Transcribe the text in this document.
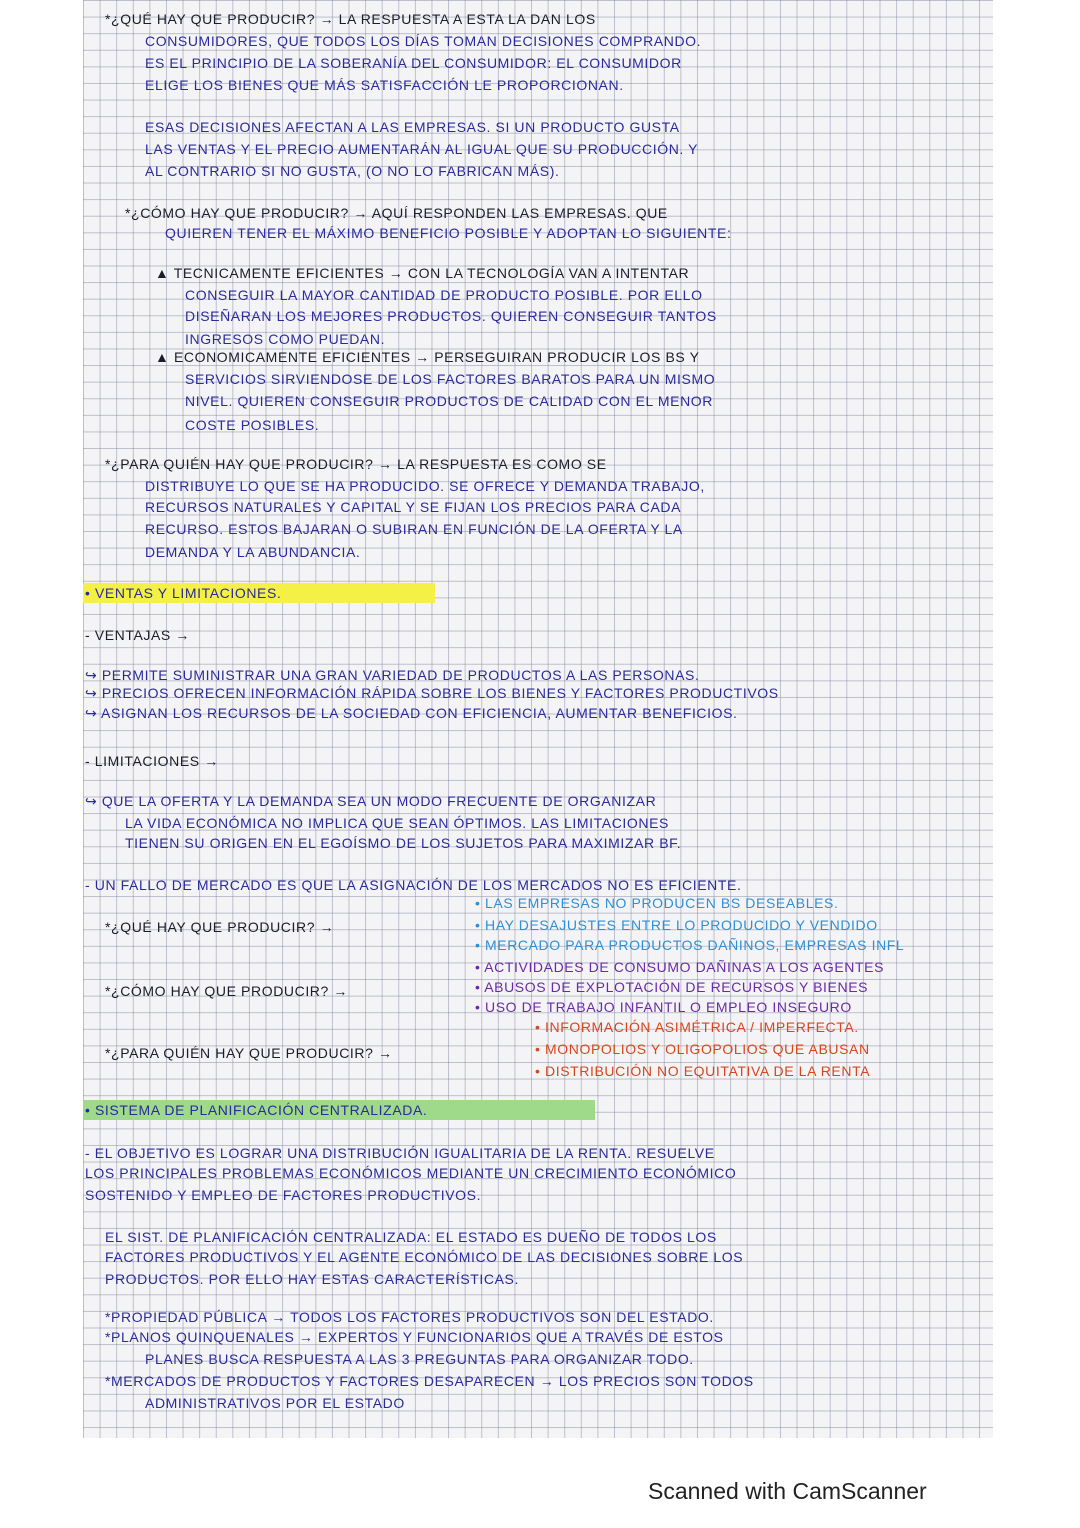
*¿QUÉ HAY QUE PRODUCIR? → LA RESPUESTA A ESTA LA DAN LOS
CONSUMIDORES, QUE TODOS LOS DÍAS TOMAN DECISIONES COMPRANDO.
ES EL PRINCIPIO DE LA SOBERANÍA DEL CONSUMIDOR: EL CONSUMIDOR
ELIGE LOS BIENES QUE MÁS SATISFACCIÓN LE PROPORCIONAN.
ESAS DECISIONES AFECTAN A LAS EMPRESAS. SI UN PRODUCTO GUSTA
LAS VENTAS Y EL PRECIO AUMENTARÁN AL IGUAL QUE SU PRODUCCIÓN. Y
AL CONTRARIO SI NO GUSTA, (O NO LO FABRICAN MÁS).
*¿CÓMO HAY QUE PRODUCIR? → AQUÍ RESPONDEN LAS EMPRESAS. QUE
QUIEREN TENER EL MÁXIMO BENEFICIO POSIBLE Y ADOPTAN LO SIGUIENTE:
▲ TECNICAMENTE EFICIENTES → CON LA TECNOLOGÍA VAN A INTENTAR
CONSEGUIR LA MAYOR CANTIDAD DE PRODUCTO POSIBLE. POR ELLO
DISEÑARAN LOS MEJORES PRODUCTOS. QUIEREN CONSEGUIR TANTOS
INGRESOS COMO PUEDAN.
▲ ECONOMICAMENTE EFICIENTES → PERSEGUIRAN PRODUCIR LOS BS Y
SERVICIOS SIRVIENDOSE DE LOS FACTORES BARATOS PARA UN MISMO
NIVEL. QUIEREN CONSEGUIR PRODUCTOS DE CALIDAD CON EL MENOR
COSTE POSIBLES.
*¿PARA QUIÉN HAY QUE PRODUCIR? → LA RESPUESTA ES COMO SE
DISTRIBUYE LO QUE SE HA PRODUCIDO. SE OFRECE Y DEMANDA TRABAJO,
RECURSOS NATURALES Y CAPITAL Y SE FIJAN LOS PRECIOS PARA CADA
RECURSO. ESTOS BAJARAN O SUBIRAN EN FUNCIÓN DE LA OFERTA Y LA
DEMANDA Y LA ABUNDANCIA.
• VENTAS Y LIMITACIONES.
- VENTAJAS →
↪ PERMITE SUMINISTRAR UNA GRAN VARIEDAD DE PRODUCTOS A LAS PERSONAS.
↪ PRECIOS OFRECEN INFORMACIÓN RÁPIDA SOBRE LOS BIENES Y FACTORES PRODUCTIVOS
↪ ASIGNAN LOS RECURSOS DE LA SOCIEDAD CON EFICIENCIA, AUMENTAR BENEFICIOS.
- LIMITACIONES →
↪ QUE LA OFERTA Y LA DEMANDA SEA UN MODO FRECUENTE DE ORGANIZAR
LA VIDA ECONÓMICA NO IMPLICA QUE SEAN ÓPTIMOS. LAS LIMITACIONES
TIENEN SU ORIGEN EN EL EGOÍSMO DE LOS SUJETOS PARA MAXIMIZAR BF.
- UN FALLO DE MERCADO ES QUE LA ASIGNACIÓN DE LOS MERCADOS NO ES EFICIENTE.
• LAS EMPRESAS NO PRODUCEN BS DESEABLES.
• HAY DESAJUSTES ENTRE LO PRODUCIDO Y VENDIDO
• MERCADO PARA PRODUCTOS DAÑINOS, EMPRESAS INFL
*¿QUÉ HAY QUE PRODUCIR? →
• ACTIVIDADES DE CONSUMO DAÑINAS A LOS AGENTES
• ABUSOS DE EXPLOTACIÓN DE RECURSOS Y BIENES
• USO DE TRABAJO INFANTIL O EMPLEO INSEGURO
*¿CÓMO HAY QUE PRODUCIR? →
• INFORMACIÓN ASIMÉTRICA / IMPERFECTA.
• MONOPOLIOS Y OLIGOPOLIOS QUE ABUSAN
• DISTRIBUCIÓN NO EQUITATIVA DE LA RENTA
*¿PARA QUIÉN HAY QUE PRODUCIR? →
• SISTEMA DE PLANIFICACIÓN CENTRALIZADA.
- EL OBJETIVO ES LOGRAR UNA DISTRIBUCIÓN IGUALITARIA DE LA RENTA. RESUELVE
LOS PRINCIPALES PROBLEMAS ECONÓMICOS MEDIANTE UN CRECIMIENTO ECONÓMICO
SOSTENIDO Y EMPLEO DE FACTORES PRODUCTIVOS.
EL SIST. DE PLANIFICACIÓN CENTRALIZADA: EL ESTADO ES DUEÑO DE TODOS LOS
FACTORES PRODUCTIVOS Y EL AGENTE ECONÓMICO DE LAS DECISIONES SOBRE LOS
PRODUCTOS. POR ELLO HAY ESTAS CARACTERÍSTICAS.
*PROPIEDAD PÚBLICA → TODOS LOS FACTORES PRODUCTIVOS SON DEL ESTADO.
*PLANOS QUINQUENALES → EXPERTOS Y FUNCIONARIOS QUE A TRAVÉS DE ESTOS
PLANES BUSCA RESPUESTA A LAS 3 PREGUNTAS PARA ORGANIZAR TODO.
*MERCADOS DE PRODUCTOS Y FACTORES DESAPARECEN → LOS PRECIOS SON TODOS
ADMINISTRATIVOS POR EL ESTADO
Scanned with CamScanner
